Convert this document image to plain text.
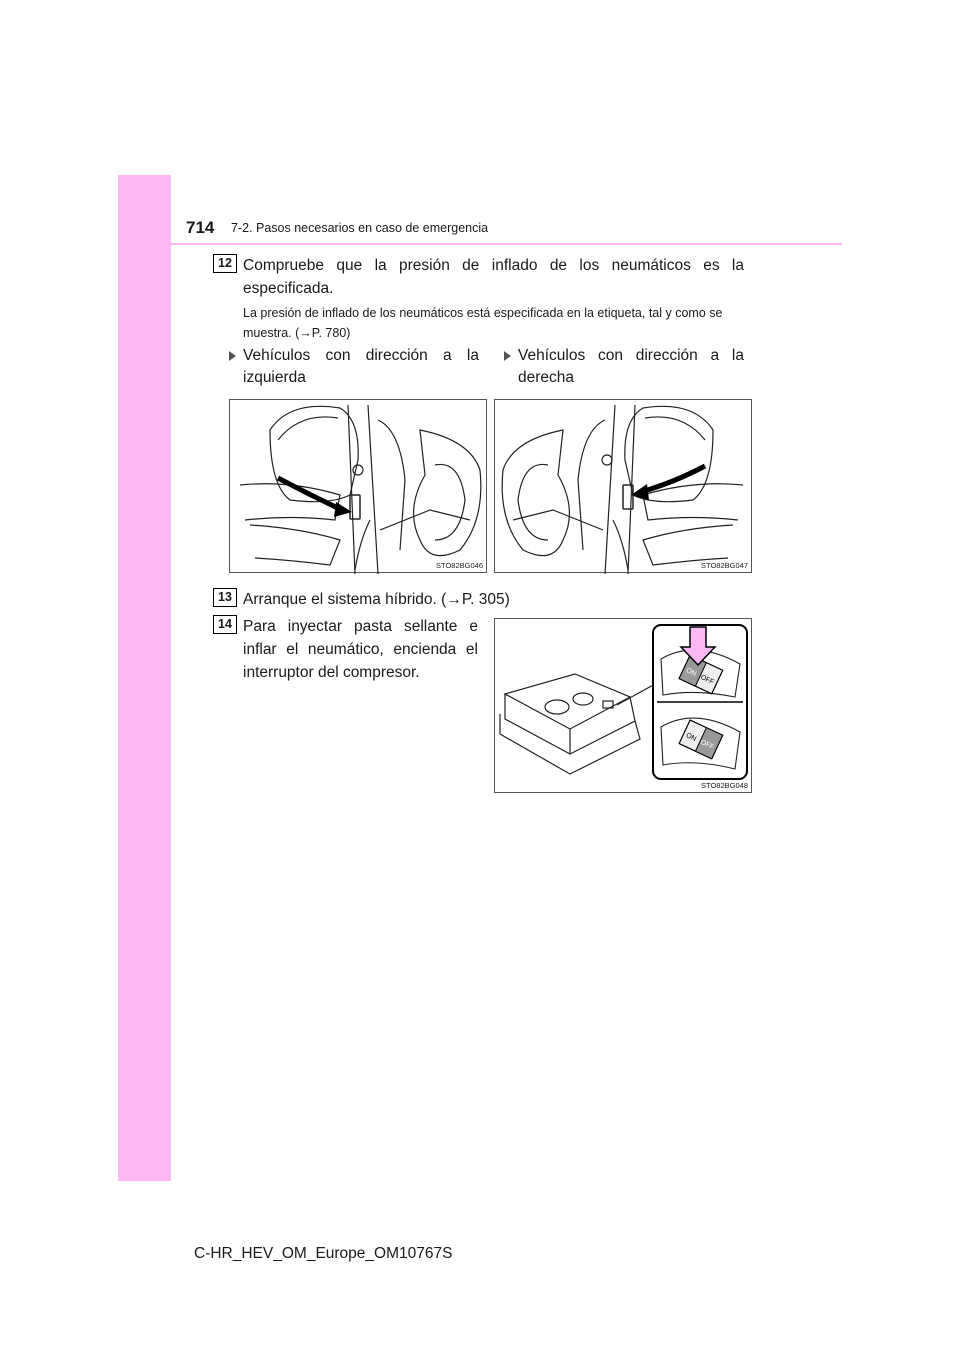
714 7-2. Pasos necesarios en caso de emergencia
12 Compruebe que la presión de inflado de los neumáticos es la especificada.
La presión de inflado de los neumáticos está especificada en la etiqueta, tal y como se muestra. (→P. 780)
Vehículos con dirección a la izquierda
Vehículos con dirección a la derecha
STO82BG046	STO82BG047
13 Arranque el sistema híbrido. (→P. 305)
14 Para inyectar pasta sellante e inflar el neumático, encienda el interruptor del compresor.	ON
OFF
ON
OFF
STO82BG048
C-HR_HEV_OM_Europe_OM10767S
